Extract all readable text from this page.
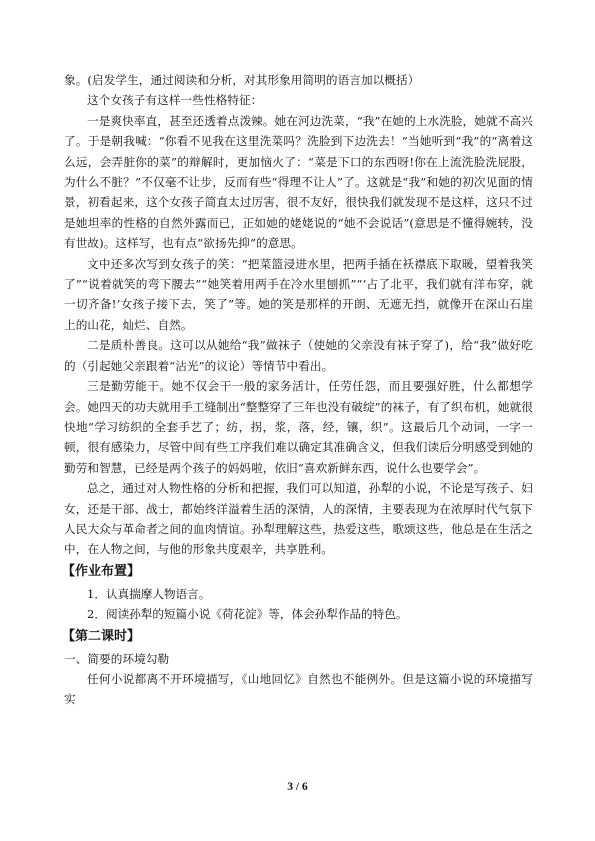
象。(启发学生，通过阅读和分析，对其形象用简明的语言加以概括）

这个女孩子有这样一些性格特征：

一是爽快率直，甚至还透着点泼辣。她在河边洗菜，“我”在她的上水洗脸，她就不高兴了。于是朝我喊：“你看不见我在这里洗菜吗？洗脸到下边洗去！”当她听到“我”的“离着这么远，会弄脏你的菜”的辩解时，更加恼火了：“菜是下口的东西呀!你在上流洗脸洗屁股，为什么不脏？”不仅毫不让步，反而有些“得理不让人”了。这就是“我”和她的初次见面的情景，初看起来，这个女孩子简直太过厉害，很不友好，很快我们就发现不是这样，这只不过是她坦率的性格的自然外露而已，正如她的姥姥说的“她不会说话”(意思是不懂得婉转，没有世故)。这样写，也有点“欲扬先抑”的意思。

文中还多次写到女孩子的笑：“把菜篮浸进水里，把两手插在袄襟底下取暖，望着我笑了”“说着就笑的弯下腰去”“她笑着用两手在冷水里刨抓”“‘占了北平，我们就有洋布穿，就一切齐备!’女孩子接下去，笑了”等。她的笑是那样的开朗、无遮无挡，就像开在深山石崖上的山花，灿烂、自然。

二是质朴善良。这可以从她给“我”做袜子（使她的父亲没有袜子穿了)，给“我”做好吃的（引起她父亲跟着“沾光”的议论）等情节中看出。

三是勤劳能干。她不仅会干一般的家务活计，任劳任怨，而且要强好胜，什么都想学会。她四天的功夫就用手工缝制出“整整穿了三年也没有破绽”的袜子，有了织布机，她就很快地“学习纺织的全套手艺了；纺，拐，浆，落，经，镶，织”。这最后几个动词，一字一顿，很有感染力，尽管中间有些工序我们难以确定其准确含义，但我们读后分明感受到她的勤劳和智慧，已经是两个孩子的妈妈啦，依旧“喜欢新鲜东西，说什么也要学会”。

总之，通过对人物性格的分析和把握，我们可以知道，孙犁的小说，不论是写孩子、妇女，还是干部、战士，都始终洋溢着生活的深情，人的深情，主要表现为在浓厚时代气氛下人民大众与革命者之间的血肉情谊。孙犁理解这些，热爱这些，歌颂这些，他总是在生活之中，在人物之间，与他的形象共度艰辛，共享胜利。

【作业布置】

1．认真揣摩人物语言。

2．阅读孙犁的短篇小说《荷花淀》等，体会孙犁作品的特色。

【第二课时】

一、简要的环境勾勒

任何小说都离不开环境描写，《山地回忆》自然也不能例外。但是这篇小说的环境描写实

3 / 6
